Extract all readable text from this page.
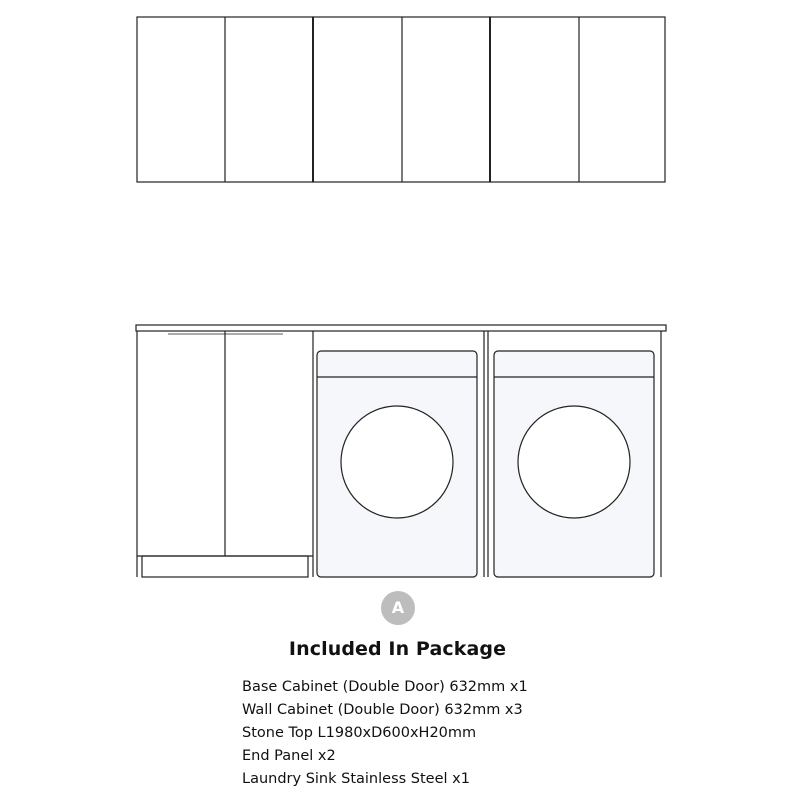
A
Included In Package
Base Cabinet (Double Door) 632mm x1
Wall Cabinet (Double Door) 632mm x3
Stone Top L1980xD600xH20mm
End Panel x2
Laundry Sink Stainless Steel x1
